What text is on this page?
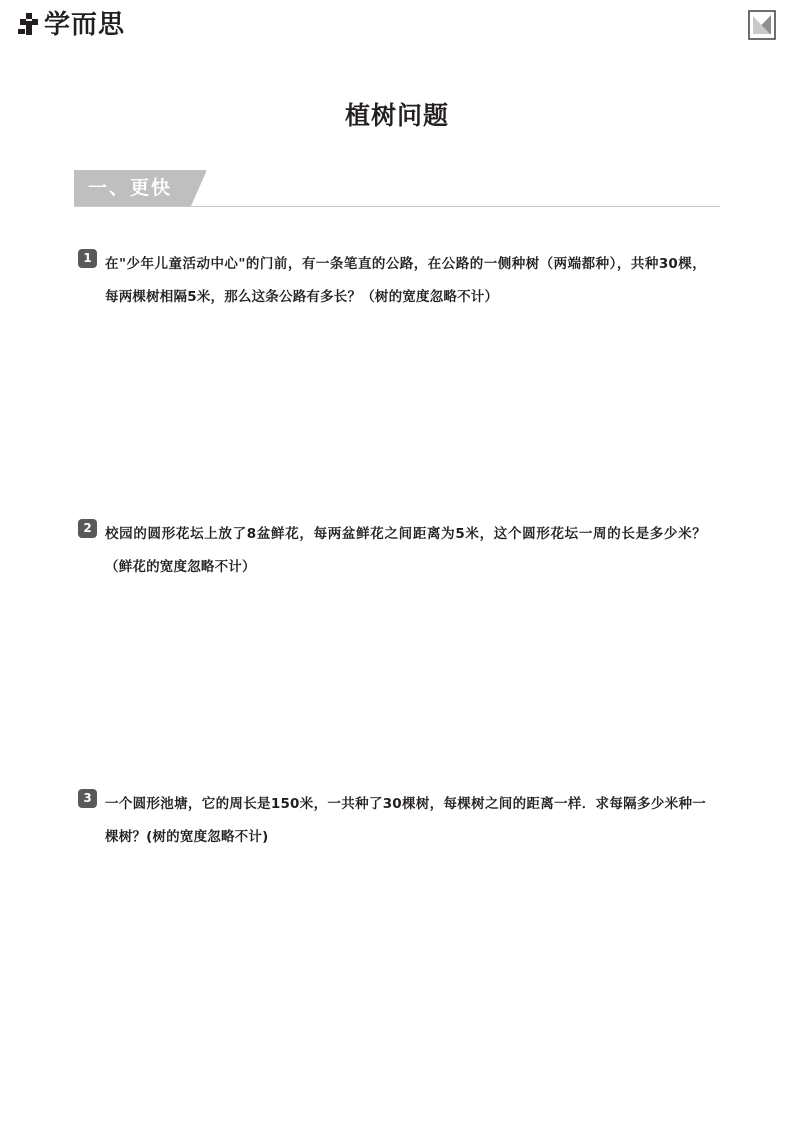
学而思
植树问题
一、更快
1 在"少年儿童活动中心"的门前，有一条笔直的公路，在公路的一侧种树（两端都种），共种30棵，每两棵树相隔5米，那么这条公路有多长？（树的宽度忽略不计）
2 校园的圆形花坛上放了8盆鲜花，每两盆鲜花之间距离为5米，这个圆形花坛一周的长是多少米？（鲜花的宽度忽略不计）
3 一个圆形池塘，它的周长是150米，一共种了30棵树，每棵树之间的距离一样．求每隔多少米种一棵树？(树的宽度忽略不计)
